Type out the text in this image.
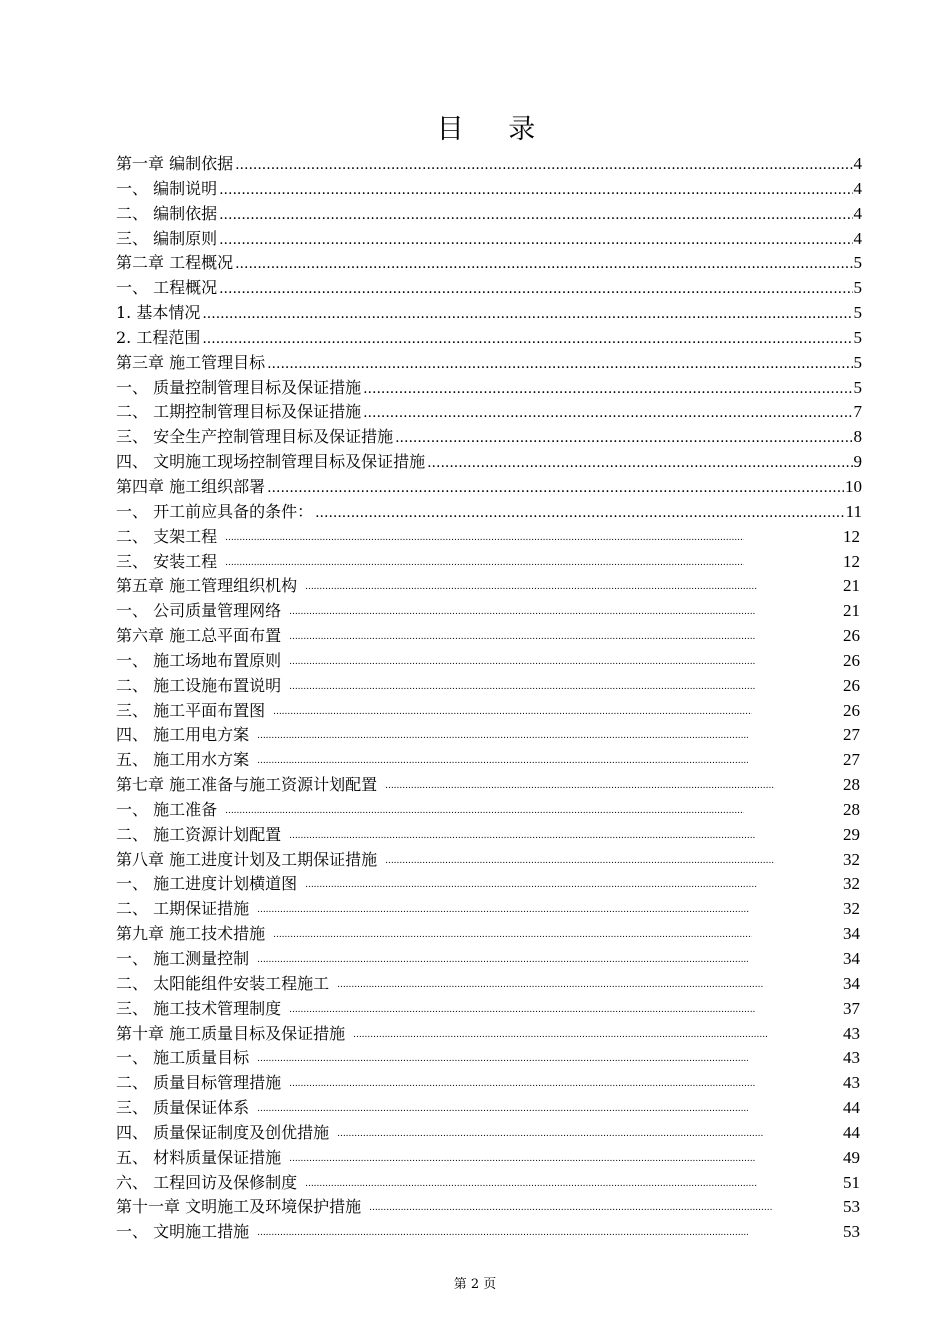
目 录
第一章 编制依据 .....	4
一、 编制说明 .....	4
二、 编制依据 .....	4
三、 编制原则 .....	4
第二章 工程概况 .....	5
一、 工程概况 .....	5
1. 基本情况 .....	5
2. 工程范围 .....	5
第三章 施工管理目标 .....	5
一、 质量控制管理目标及保证措施 .....	5
二、 工期控制管理目标及保证措施 .....	7
三、 安全生产控制管理目标及保证措施 .....	8
四、 文明施工现场控制管理目标及保证措施 .....	9
第四章 施工组织部署 .....	10
一、 开工前应具备的条件： .....	11
二、 支架工程 .....	12
三、 安装工程 .....	12
第五章 施工管理组织机构 .....	21
一、 公司质量管理网络 .....	21
第六章 施工总平面布置 .....	26
一、 施工场地布置原则 .....	26
二、 施工设施布置说明 .....	26
三、 施工平面布置图 .....	26
四、 施工用电方案 .....	27
五、 施工用水方案 .....	27
第七章 施工准备与施工资源计划配置 .....	28
一、 施工准备 .....	28
二、 施工资源计划配置 .....	29
第八章 施工进度计划及工期保证措施 .....	32
一、 施工进度计划横道图 .....	32
二、 工期保证措施 .....	32
第九章 施工技术措施 .....	34
一、 施工测量控制 .....	34
二、 太阳能组件安装工程施工 .....	34
三、 施工技术管理制度 .....	37
第十章 施工质量目标及保证措施 .....	43
一、 施工质量目标 .....	43
二、 质量目标管理措施 .....	43
三、 质量保证体系 .....	44
四、 质量保证制度及创优措施 .....	44
五、 材料质量保证措施 .....	49
六、 工程回访及保修制度 .....	51
第十一章 文明施工及环境保护措施 .....	53
一、 文明施工措施 .....	53
第 2 页
